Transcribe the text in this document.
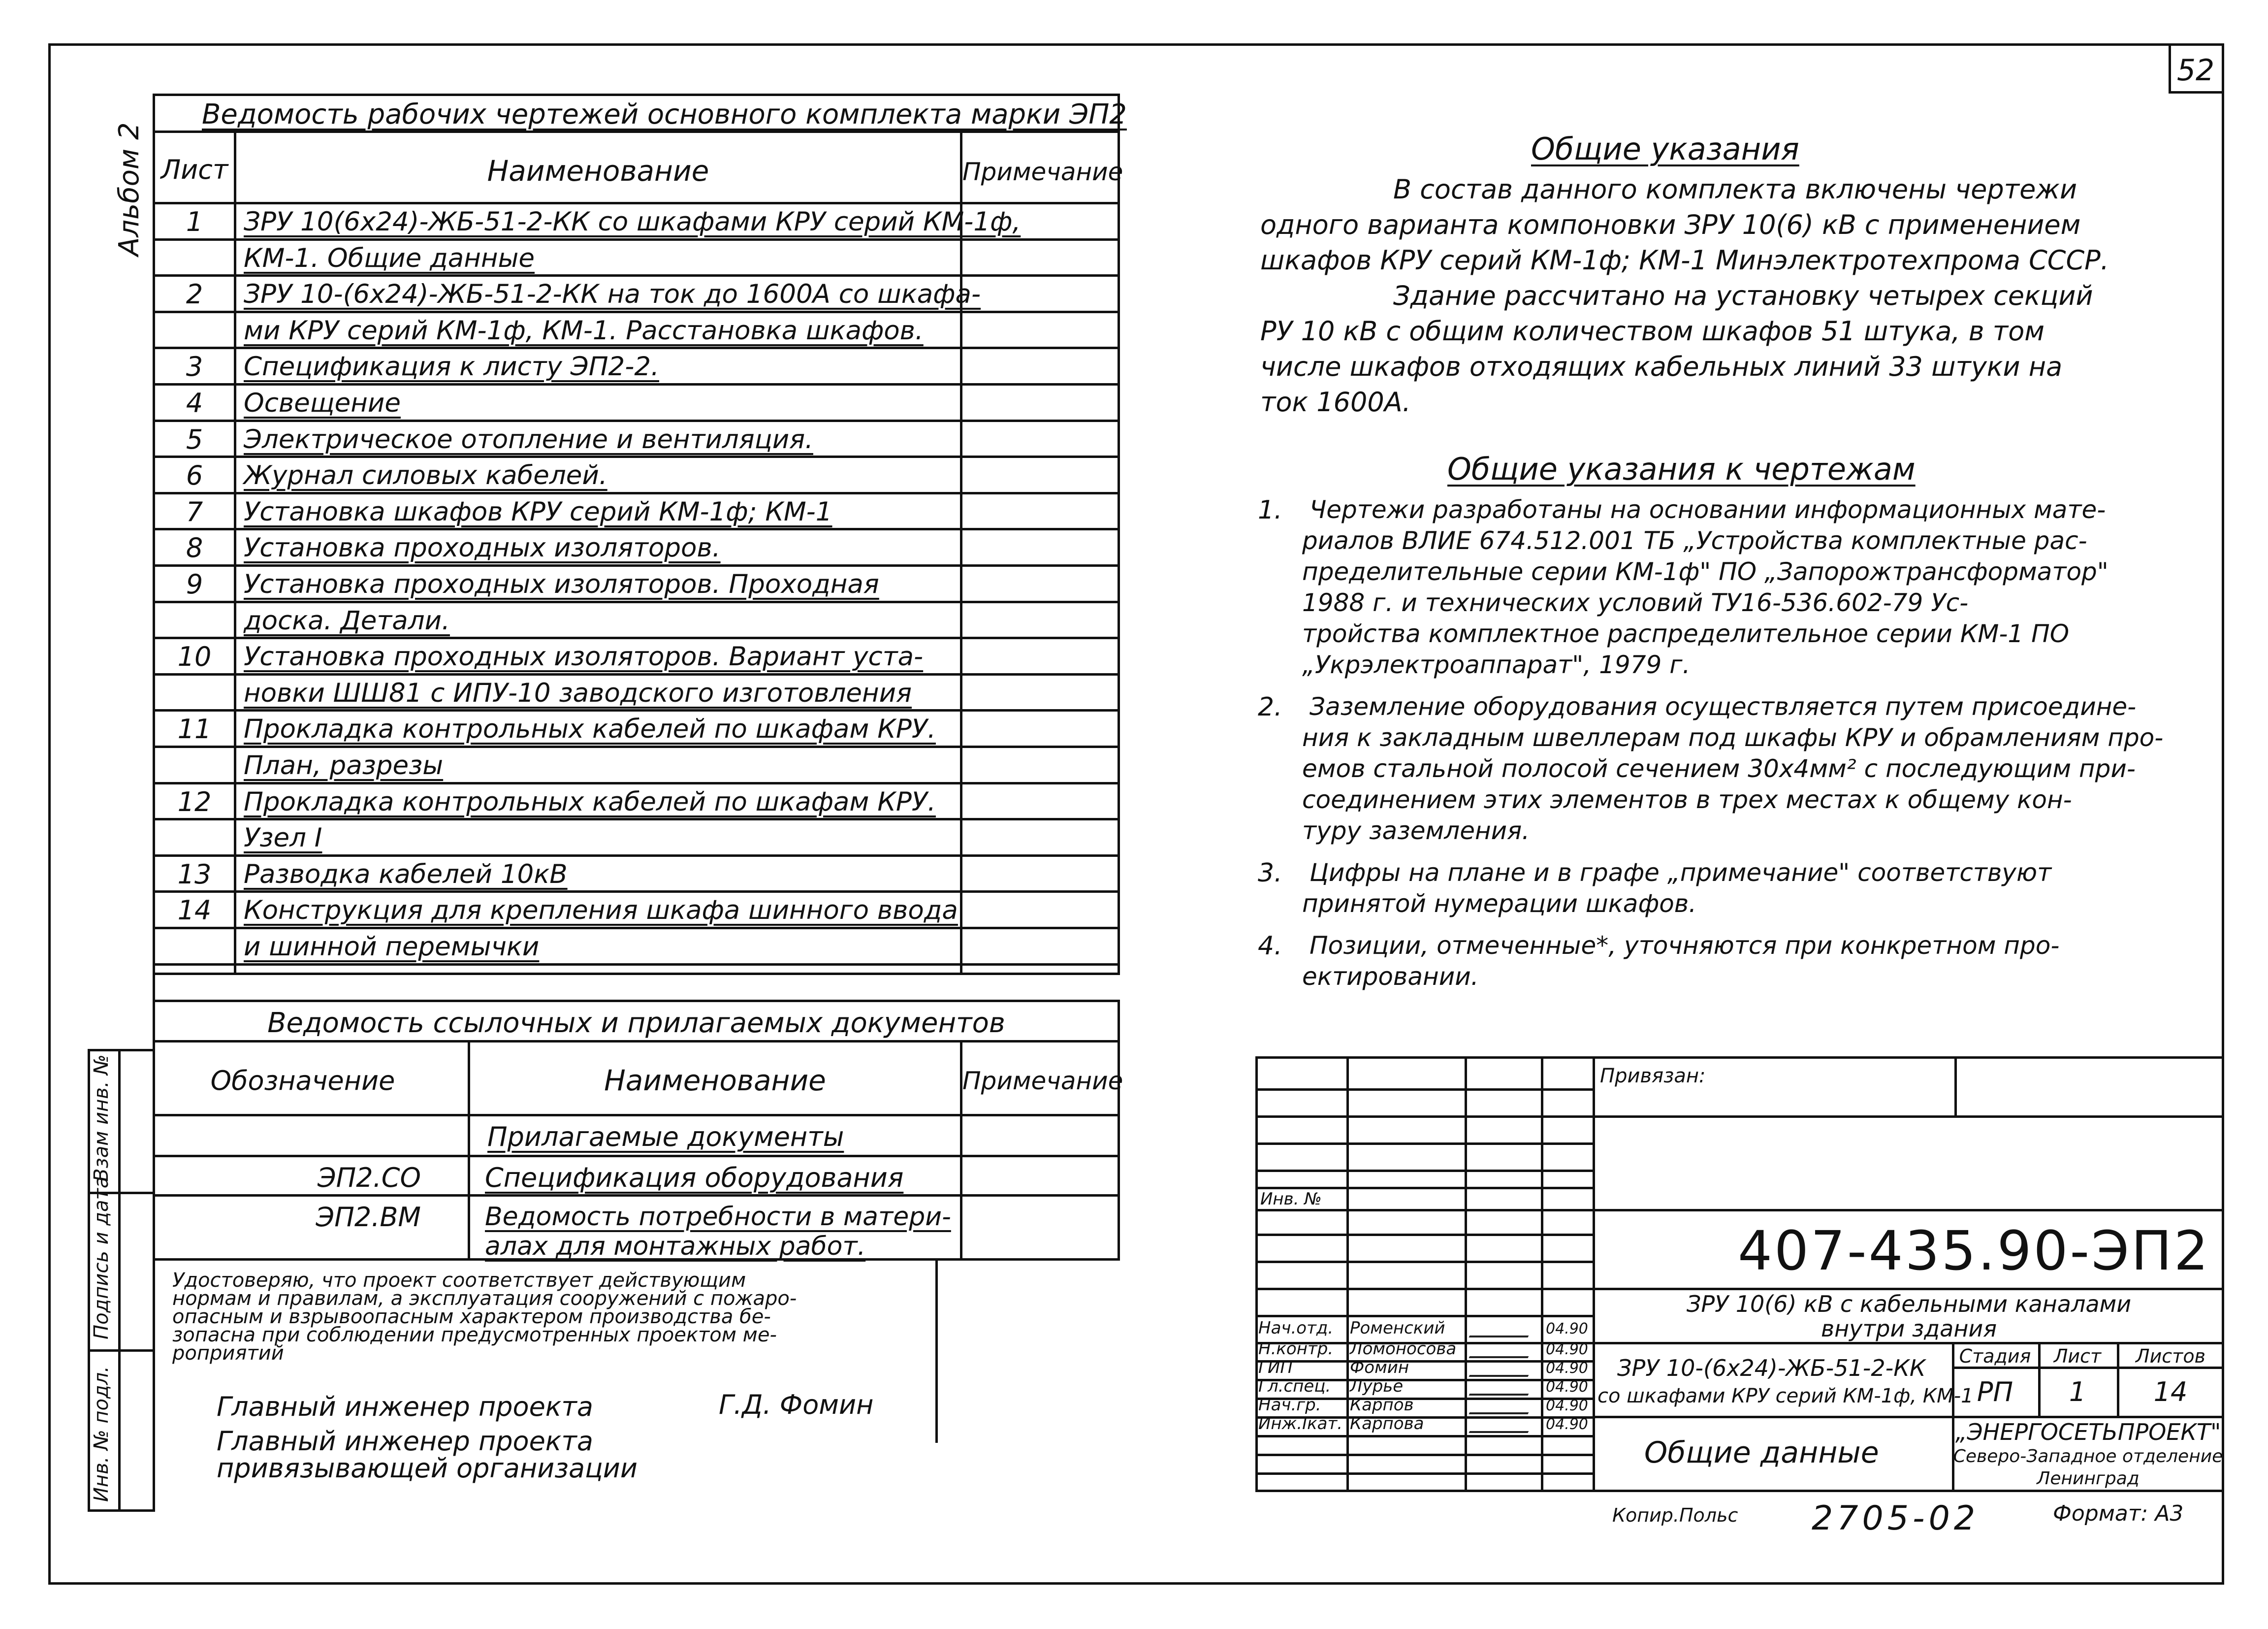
52
Альбом 2
Ведомость рабочих чертежей основного комплекта марки ЭП2
Лист	Наименование	Примечание
1	ЗРУ 10(6х24)-ЖБ-51-2-КК со шкафами КРУ серий КМ-1ф,
КМ-1. Общие данные
2	ЗРУ 10-(6х24)-ЖБ-51-2-КК на ток до 1600А со шкафа-
ми КРУ серий КМ-1ф, КМ-1. Расстановка шкафов.
3	Спецификация к листу ЭП2-2.
4	Освещение
5	Электрическое отопление и вентиляция.
6	Журнал силовых кабелей.
7	Установка шкафов КРУ серий КМ-1ф; КМ-1
8	Установка проходных изоляторов.
9	Установка проходных изоляторов. Проходная
доска. Детали.
10	Установка проходных изоляторов. Вариант уста-
новки ШШ81 с ИПУ-10 заводского изготовления
11	Прокладка контрольных кабелей по шкафам КРУ.
План, разрезы
12	Прокладка контрольных кабелей по шкафам КРУ.
Узел I
13	Разводка кабелей 10кВ
14	Конструкция для крепления шкафа шинного ввода
и шинной перемычки
Ведомость ссылочных и прилагаемых документов
Обозначение	Наименование	Примечание
Прилагаемые документы
ЭП2.СО Спецификация оборудования
ЭП2.ВМ	Ведомость потребности в матери-
алах для монтажных работ.
Удостоверяю, что проект соответствует действующим
нормам и правилам, а эксплуатация сооружений с пожаро-
опасным и взрывоопасным характером производства бе-
зопасна при соблюдении предусмотренных проектом ме-
роприятий
Главный инженер проекта	Г.Д. Фомин
Главный инженер проекта
привязывающей организации
Взам инв. №
Подпись и дата
Инв. № подл.
Общие указания
В состав данного комплекта включены чертежи
одного варианта компоновки ЗРУ 10(6) кВ с применением
шкафов КРУ серий КМ-1ф; КМ-1 Минэлектротехпрома СССР.
Здание рассчитано на установку четырех секций
РУ 10 кВ с общим количеством шкафов 51 штука, в том
числе шкафов отходящих кабельных линий 33 штуки на
ток 1600А.
Общие указания к чертежам
1. Чертежи разработаны на основании информационных мате-
риалов ВЛИЕ 674.512.001 ТБ „Устройства комплектные рас-
пределительные серии КМ-1ф" ПО „Запорожтрансформатор"
1988 г. и технических условий ТУ16-536.602-79 Ус-
тройства комплектное распределительное серии КМ-1 ПО
„Укрэлектроаппарат", 1979 г.
2. Заземление оборудования осуществляется путем присоедине-
ния к закладным швеллерам под шкафы КРУ и обрамлениям про-
емов стальной полосой сечением 30х4мм² с последующим при-
соединением этих элементов в трех местах к общему кон-
туру заземления.
3. Цифры на плане и в графе „примечание" соответствуют
принятой нумерации шкафов.
4. Позиции, отмеченные*, уточняются при конкретном про-
ектировании.
Инв. №
Нач.отд. Роменский	04.90
Н.контр. Ломоносова	04.90
ГИП	Фомин	04.90
Гл.спец. Лурье	04.90
Нач.гр. Карпов	04.90
Инж.Iкат. Карпова	04.90
Привязан:
407-435.90-ЭП2
ЗРУ 10(6) кВ с кабельными каналами
внутри здания
ЗРУ 10-(6х24)-ЖБ-51-2-КК
со шкафами КРУ серий КМ-1ф, КМ-1
Общие данные
Стадия	Лист	Листов
РП	1	14
„ЭНЕРГОСЕТЬПРОЕКТ"
Северо-Западное отделение
Ленинград
Копир.Польс 2705-02	Формат: А3
